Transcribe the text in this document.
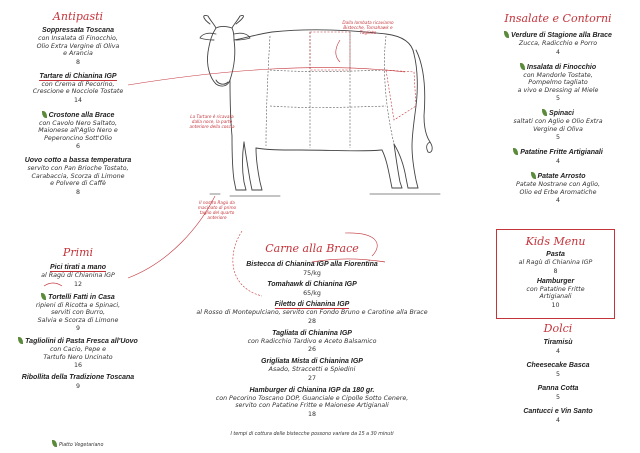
Antipasti
Soppressata Toscana
con Insalata di Finocchio,
Olio Extra Vergine di Oliva
e Arancia
8
Tartare di Chianina IGP
con Crema di Pecorino,
Crescione e Nocciole Tostate
14
Crostone alla Brace
con Cavolo Nero Saltato,
Maionese all'Aglio Nero e
Peperoncino Sott'Olio
6
Uovo cotto a bassa temperatura
servito con Pan Brioche Tostato,
Carabaccia, Scorza di Limone
e Polvere di Caffè
8
Primi
Pici tirati a mano
al Ragù di Chianina IGP
12
Tortelli Fatti in Casa
ripieni di Ricotta e Spinaci,
serviti con Burro,
Salvia e Scorza di Limone
9
Tagliolini di Pasta Fresca all'Uovo
con Cacio, Pepe e
Tartufo Nero Uncinato
16
Ribollita della Tradizione Toscana
9
Piatto Vegetariano
Dalla lombata ricaviamo Bistecche, Tomahawk e Tagliate
La Tartare è ricavata dalla noce, la parte anteriore della coscia
Il nostro Ragù da macinato di primo taglio del quarto anteriore
Carne alla Brace
Bistecca di Chianina IGP alla Fiorentina
75/kg
Tomahawk di Chianina IGP
65/kg
Filetto di Chianina IGP
al Rosso di Montepulciano, servito con Fondo Bruno e Carotine alla Brace
28
Tagliata di Chianina IGP
con Radicchio Tardivo e Aceto Balsamico
26
Grigliata Mista di Chianina IGP
Asado, Straccetti e Spiedini
27
Hamburger di Chianina IGP da 180 gr.
con Pecorino Toscano DOP, Guanciale e Cipolle Sotto Cenere,
servito con Patatine Fritte e Maionese Artigianali
18
I tempi di cottura delle bistecche possono variare da 15 a 30 minuti
Insalate e Contorni
Verdure di Stagione alla Brace
Zucca, Radicchio e Porro
4
Insalata di Finocchio
con Mandorle Tostate,
Pompelmo tagliato
a vivo e Dressing al Miele
5
Spinaci
saltati con Aglio e Olio Extra
Vergine di Oliva
5
Patatine Fritte Artigianali
4
Patate Arrosto
Patate Nostrane con Aglio,
Olio ed Erbe Aromatiche
4
Kids Menu
Pasta
al Ragù di Chianina IGP
8
Hamburger
con Patatine Fritte
Artigianali
10
Dolci
Tiramisù
4
Cheesecake Basca
5
Panna Cotta
5
Cantucci e Vin Santo
4
